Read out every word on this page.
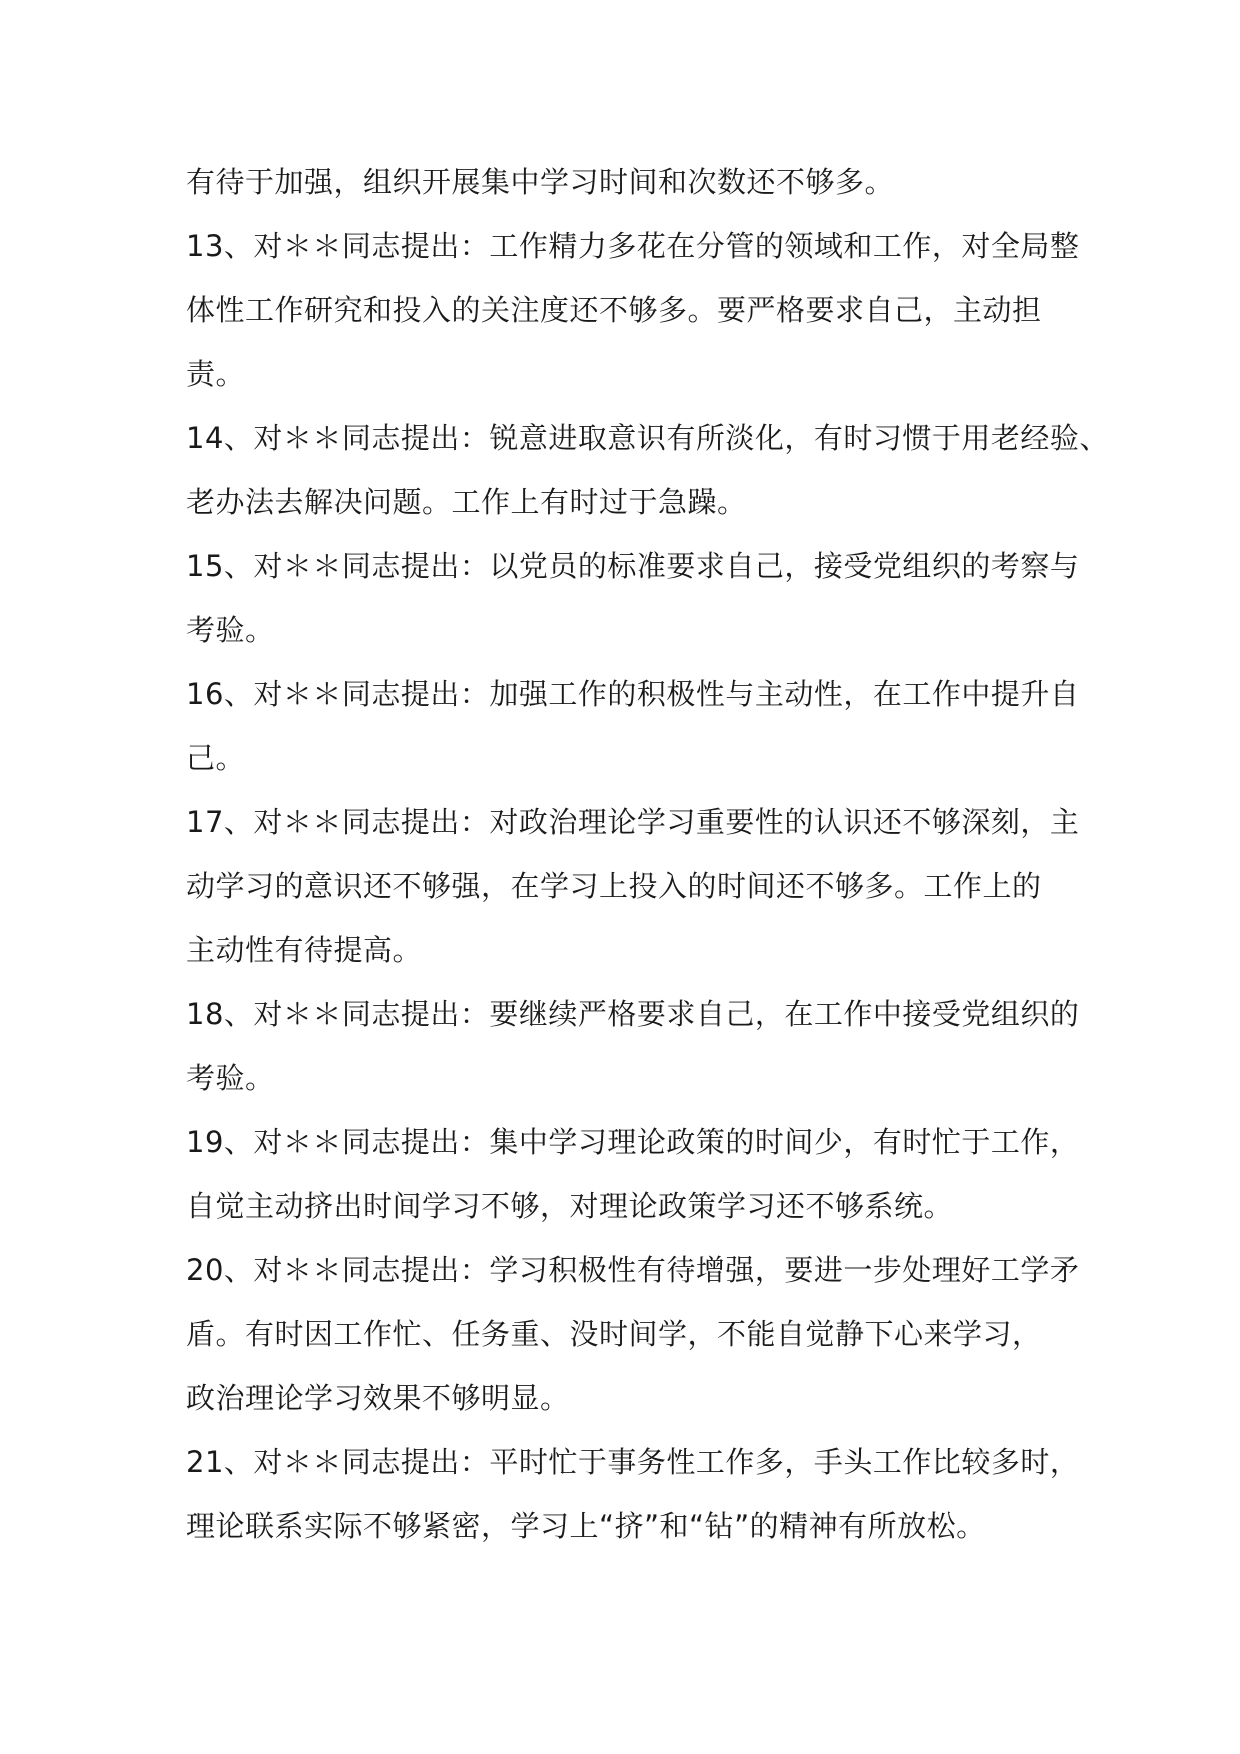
有待于加强，组织开展集中学习时间和次数还不够多。
13、对＊＊同志提出：工作精力多花在分管的领域和工作，对全局整
体性工作研究和投入的关注度还不够多。要严格要求自己，主动担
责。
14、对＊＊同志提出：锐意进取意识有所淡化，有时习惯于用老经验、
老办法去解决问题。工作上有时过于急躁。
15、对＊＊同志提出：以党员的标准要求自己，接受党组织的考察与
考验。
16、对＊＊同志提出：加强工作的积极性与主动性，在工作中提升自
己。
17、对＊＊同志提出：对政治理论学习重要性的认识还不够深刻，主
动学习的意识还不够强，在学习上投入的时间还不够多。工作上的
主动性有待提高。
18、对＊＊同志提出：要继续严格要求自己，在工作中接受党组织的
考验。
19、对＊＊同志提出：集中学习理论政策的时间少，有时忙于工作，
自觉主动挤出时间学习不够，对理论政策学习还不够系统。
20、对＊＊同志提出：学习积极性有待增强，要进一步处理好工学矛
盾。有时因工作忙、任务重、没时间学，不能自觉静下心来学习，
政治理论学习效果不够明显。
21、对＊＊同志提出：平时忙于事务性工作多，手头工作比较多时，
理论联系实际不够紧密，学习上“挤”和“钻”的精神有所放松。
